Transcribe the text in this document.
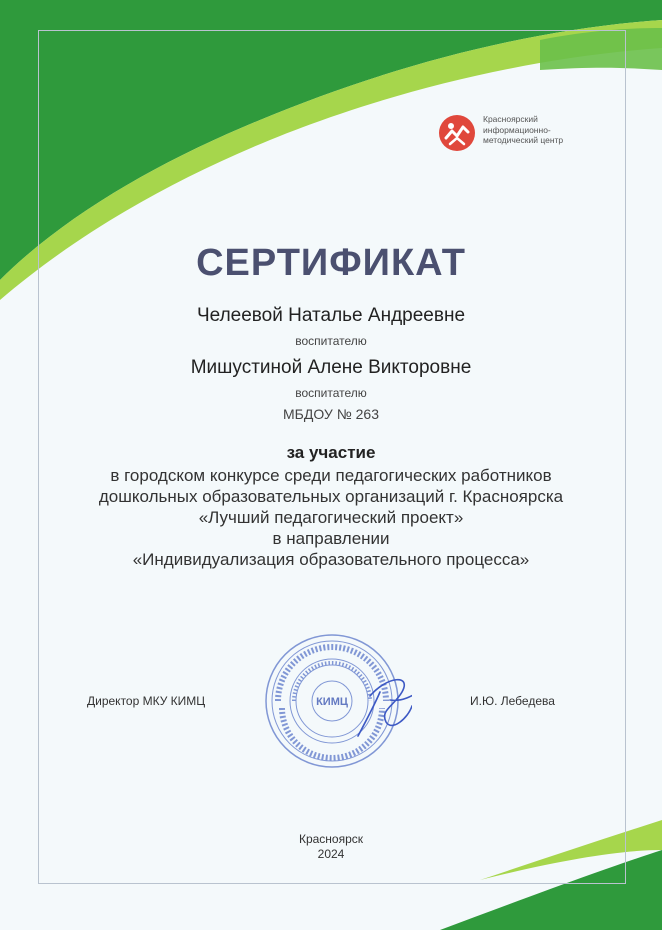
Красноярский
информационно-
методический центр
СЕРТИФИКАТ
Челеевой Наталье Андреевне
воспитателю
Мишустиной Алене Викторовне
воспитателю
МБДОУ № 263
за участие
в городском конкурсе среди педагогических работников
дошкольных образовательных организаций г. Красноярска
«Лучший педагогический проект»
в направлении
«Индивидуализация образовательного процесса»
Директор МКУ КИМЦ	КИМЦ	И.Ю. Лебедева
Красноярск
2024
